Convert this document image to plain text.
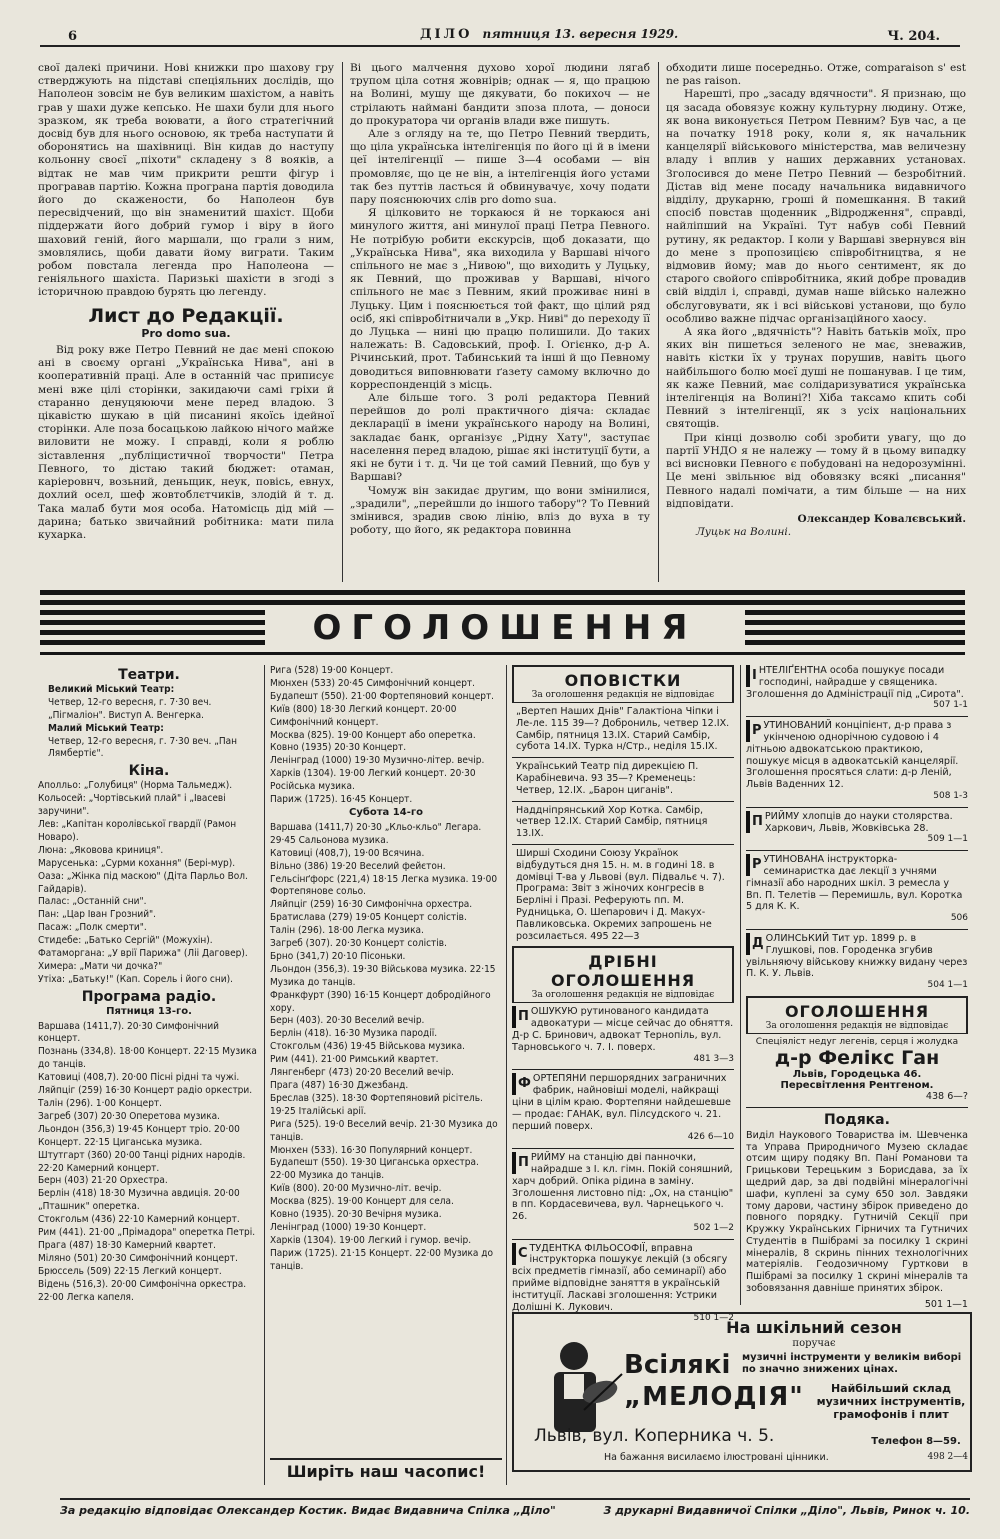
6	ДІЛО пятниця 13. вересня 1929.	Ч. 204.

свої далекі причини. Нові книжки про шахову гру стверджують на підставі спеціяльних дослідів, що Наполеон зовсім не був великим шахістом, а навіть грав у шахи дуже кепсько. Не шахи були для нього зразком, як треба воювати, а його стратегічний досвід був для нього основою, як треба наступати й оборонятись на шахівниці. Він кидав до наступу кольонну своєї „піхоти" складену з 8 вояків, а відтак не мав чим прикрити решти фігур і програвав партію. Кожна програна партія доводила його до скажености, бо Наполеон був пересвідчений, що він знаменитий шахіст. Щоби піддержати його добрий гумор і віру в його шаховий геній, його маршали, що грали з ним, змовлялись, щоби давати йому виграти. Таким робом повстала легенда про Наполеона — геніяльного шахіста. Паризькі шахісти в згоді з історичною правдою бурять цю легенду.

Лист до Редакції.
Pro domo sua.

Від року вже Петро Певний не дає мені спокою ані в своєму органі „Українська Нива", ані в кооперативній праці. Але в останній час приписує мені вже цілі сторінки, закидаючи самі гріхи й старанно денуцяюючи мене перед владою. З цікавістю шукаю в цій писанині якоїсь ідейної сторінки. Але поза босацькою лайкою нічого майже виловити не можу. І справді, коли я роблю зіставлення „публіцистичної творчости" Петра Певного, то дістаю такий бюджет: отаман, каріеровнч, возьний, деньщик, неук, повісь, евнух, дохлий осел, шеф жовтоблєтчиків, злодій й т. д. Така малаб бути моя особа. Натомісць дід мій — дарина; батько звичайний робітника: мати пила кухарка.

Ві цього малчення духово хорої людини лягаб трупом ціла сотня жовнірів; однак — я, що працюю на Волині, мушу ще дякувати, бо покихоч — не стрілають наймані бандити зпоза плота, — доноси до прокуратора чи органів влади вже пишуть.

Але з огляду на те, що Петро Певний твердить, що ціла українська інтелігенція по його ці й в імени цеї інтелігенції — пише 3—4 особами — він промовляє, що це не він, а інтелігенція його устами так без путтів ласться й обвинувачує, хочу подати пару пояснюючих слів pro domo sua.

Я цілковито не торкаюся й не торкаюся ані минулого життя, ані минулої праці Петра Певного. Не потрібую робити екскурсів, щоб доказати, що „Українська Нива", яка виходила у Варшаві нічого спільного не має з „Нивою", що виходить у Луцьку, як Певний, що проживав у Варшаві, нічого спільного не має з Певним, який проживає нині в Луцьку. Цим і пояснюється той факт, що цілий ряд осіб, які співробітничали в „Укр. Ниві" до переходу її до Луцька — нині цю працю полишили. До таких належать: В. Садовський, проф. І. Огієнко, д-р А. Річинський, прот. Табинський та інші й що Певному доводиться виповнювати ґазету самому включно до корреспонденцій з місць.

Але більше того. З ролі редактора Певний перейшов до ролі практичного діяча: складає декларації в імени українського народу на Волині, закладає банк, організує „Рідну Хату", заступає населення перед владою, рішає які інституції бути, а які не бути і т. д. Чи це той самий Певний, що був у Варшаві?

Чомуж він закидає другим, що вони змінилися, „зрадили", „перейшли до іншого табору"? То Певний змінився, зрадив свою лінію, вліз до вуха в ту роботу, що його, як редактора повинна

обходити лише посередньо. Отже, comparaison s' est ne pas raison.

Нарешті, про „засаду вдячности". Я признаю, що ця засада обовязує кожну культурну людину. Отже, як вона виконується Петром Певним? Був час, а це на початку 1918 року, коли я, як начальник канцелярії військового міністерства, мав величезну владу і вплив у наших державних установах. Зголосився до мене Петро Певний — безробітний. Дістав від мене посаду начальника видавничого відділу, друкарню, гроші й помешкання. В такий спосіб повстав щоденник „Відродження", справді, найліпший на Україні. Тут набув собі Певний рутину, як редактор. І коли у Варшаві звернувся він до мене з пропозицією співробітництва, я не відмовив йому; мав до нього сентимент, як до старого свойого співробітника, який добре провадив свій відділ і, справді, думав наше військо належно обслуговувати, як і всі військові установи, що було особливо важне підчас організаційного хаосу.

А яка його „вдячність"? Навіть батьків моїх, про яких він пишеться зеленого не має, зневажив, навіть кістки їх у трунах порушив, навіть цього найбільшого болю моєї душі не пошанував. І це тим, як каже Певний, має солідаризуватися українська інтелігенція на Волині?! Хіба таксамо кпить собі Певний з інтелігенції, як з усіх національних святощів.

При кінці дозволю собі зробити увагу, що до партії УНДО я не належу — тому й в цьому випадку всі висновки Певного є побудовані на недорозумінні. Це мені звільнює від обовязку всякі „писання" Певного надалі помічати, а тим більше — на них відповідати.

Олександер Ковалєвський.
Луцьк на Волині.
ОГОЛОШЕННЯ
Театри.
Великий Міський Театр:
Четвер, 12-го вересня, г. 7·30 веч. „Пігмаліон". Виступ А. Венгерка.
Малий Міський Театр:
Четвер, 12-го вересня, г. 7·30 веч. „Пан Лямбертіє".
Кіна.
Аполльо: „Голубиця" (Норма Тальмедж).
Кольосей: „Чортівський плай" і „Івасеві заручини".
Лев: „Капітан королівської гвардії (Рамон Новаро).
Люна: „Яковова криниця".
Марусенька: „Сурми кохання" (Бері-мур).
Оаза: „Жінка під маскою" (Діта Парльо Вол. Гайдарів).
Палас: „Останній сни".
Пан: „Цар Іван Грозний".
Пасаж: „Полк смерти".
Стидебе: „Батько Сергій" (Можухін).
Фатаморгана: „У врії Парижа" (Ліі Даговер).
Химера: „Мати чи дочка?"
Утіха: „Батьку!" (Кап. Сорель і його сни).
Програма радіо.
Пятниця 13-го.
Варшава (1411,7). 20·30 Симфонічний концерт.
Познань (334,8). 18·00 Концерт. 22·15 Музика до танців.
Катовиці (408,7). 20·00 Пісні рідні та чужі.
Ляйпціг (259) 16·30 Концерт радіо оркестри.
Талін (296). 1·00 Концерт.
Загреб (307) 20·30 Оперетова музика.
Льондон (356,3) 19·45 Концерт тріо. 20·00 Концерт. 22·15 Циганська музика.
Штутгарт (360) 20·00 Танці рідних народів. 22·20 Камерний концерт.
Берн (403) 21·20 Орхестра.
Берлін (418) 18·30 Музична авдиція. 20·00 „Пташник" оперетка.
Стокгольм (436) 22·10 Камерний концерт.
Рим (441). 21·00 „Прімадора" оперетка Петрі.
Прага (487) 18·30 Камерний квартет.
Міляно (501) 20·30 Симфонічний концерт.
Брюссель (509) 22·15 Легкий концерт.
Відень (516,3). 20·00 Симфонічна оркестра. 22·00 Легка капеля.
Рига (528) 19·00 Концерт.
Мюнхен (533) 20·45 Симфонічний концерт.
Будапешт (550). 21·00 Фортепяновий концерт.
Київ (800) 18·30 Легкий концерт. 20·00 Симфонічний концерт.
Москва (825). 19·00 Концерт або оперетка.
Ковно (1935) 20·30 Концерт.
Ленінград (1000) 19·30 Музично-літер. вечір.
Харків (1304). 19·00 Легкий концерт. 20·30 Російська музика.
Париж (1725). 16·45 Концерт.
Субота 14-го
Варшава (1411,7) 20·30 „Кльо-кльо" Легара. 29·45 Сальонова музика.
Катовиці (408,7), 19·00 Всячина.
Вільно (386) 19·20 Веселий фейєтон.
Гельсінґфорс (221,4) 18·15 Легка музика. 19·00 Фортепянове сольо.
Ляйпціг (259) 16·30 Симфонічна орхестра.
Братислава (279) 19·05 Концерт солістів.
Талін (296). 18·00 Легка музика.
Загреб (307). 20·30 Концерт солістів.
Брно (341,7) 20·10 Пісоньки.
Льондон (356,3). 19·30 Військова музика. 22·15 Музика до танців.
Франкфурт (390) 16·15 Концерт добродійного хору.
Берн (403). 20·30 Веселий вечір.
Берлін (418). 16·30 Музика пародії.
Стокгольм (436) 19·45 Військова музика.
Рим (441). 21·00 Римський квартет.
Лянгенберг (473) 20·20 Веселий вечір.
Прага (487) 16·30 Джезбанд.
Бреслав (325). 18·30 Фортепяновий рісітель. 19·25 Італійські арії.
Рига (525). 19·0 Веселий вечір. 21·30 Музика до танців.
Мюнхен (533). 16·30 Популярний концерт.
Будапешт (550). 19·30 Циганська орхестра. 22·00 Музика до танців.
Київ (800). 20·00 Музично-літ. вечір.
Москва (825). 19·00 Концерт для села.
Ковно (1935). 20·30 Вечірня музика.
Ленінград (1000) 19·30 Концерт.
Харків (1304). 19·00 Легкий і гумор. вечір.
Париж (1725). 21·15 Концерт. 22·00 Музика до танців.
Ширіть наш часопис!
ОПОВІСТКИ
За оголошення редакція не відповідає
„Вертеп Наших Днів" Галактіона Чіпки і Ле-ле. 115 39—? Доброниль, четвер 12.IX. Самбір, пятниця 13.IX. Старий Самбір, субота 14.IX. Турка н/Стр., неділя 15.IX.
Український Театр під дирекцією П. Карабіневича. 93 35—? Кременець: Четвер, 12.IX. „Барон циганів".
Наддніпрянський Хор Котка. Самбір, четвер 12.IX. Старий Самбір, пятниця 13.IX.
Ширші Сходини Союзу Українок відбудуться дня 15. н. м. в годині 18. в домівці Т-ва у Львові (вул. Підвальє ч. 7). Програма: Звіт з жіночих конгресів в Берліні і Празі. Реферують пп. М. Рудницька, О. Шепарович і Д. Макух-Павликовська. Окремих запрошень не розсилається. 495 22—3
ДРІБНІ ОГОЛОШЕННЯ
За оголошення редакція не відповідає
П ОШУКУЮ рутинованого кандидата адвокатури — місце сейчас до обняття. Д-р С. Бринович, адвокат Тернопіль, вул. Тарновського ч. 7. І. поверх.
481 3—3
Ф ОРТЕПЯНИ першорядних заграничних фабрик, найновіші моделі, найкращі ціни в цілім краю. Фортепяни найдешевше — продає: ГАНАК, вул. Пілсудского ч. 21. перший поверх.
426 6—10
П РИЙМУ на станцію дві панночки, найрадше з І. кл. гімн. Покій соняшний, харч добрий. Опіка рідина в заміну. Зголошення листовно під: „Ох, на станцію" в пп. Кордасевичева, вул. Чарнецького ч. 26.
502 1—2
С ТУДЕНТКА ФІЛЬОСОФІЇ, вправна інструкторка пошукує лекцій (з обсягу всіх предметів гімназії, або семинарії) або прийме відповідне заняття в українській інституції. Ласкаві зголошення: Устрики Долішні К. Лукович.
510 1—2
І НТЕЛІҐЕНТНА особа пошукує посади господині, найрадше у священика. Зголошення до Адміністрації під „Сирота".
507 1-1
Р УТИНОВАНИЙ конціпієнт, д-р права з укінченою однорічною судовою і 4 літньою адвокатською практикою, пошукує місця в адвокатській канцелярії. Зголошення просяться слати: д-р Леній, Львів Ваденних 12.
508 1-3
П РИЙМУ хлопців до науки столярства. Харкович, Львів, Жовківська 28.
509 1—1
Р УТИНОВАНА інструкторка-семинаристка дає лекції з учнями гімназії або народних шкіл. З ремесла у Вп. П. Телетів — Перемишль, вул. Коротка 5 для К. К.
506
Д ОЛИНСЬКИЙ Тит ур. 1899 р. в Глушкові, пов. Городенка згубив увільняючу військову книжку видану через П. К. У. Львів.
504 1—1
ОГОЛОШЕННЯ
За оголошення редакція не відповідає
Спеціяліст недуг легенів, серця і жолудка
д-р Фелікс Ган
Львів, Городецька 46.
Пересвітлення Рентгеном.
438 6—?
Подяка.
Виділ Наукового Товариства ім. Шевченка та Управа Природничого Музею складає отсим щиру подяку Вп. Пані Романови та Грицькови Терецьким з Борисдава, за їх щедрий дар, за дві подвійні мінералогічні шафи, куплені за суму 650 зол. Завдяки тому дарови, частину збірок приведено до повного порядку. Гутничій Секції при Кружку Українських Гірничих та Гутничих Студентів в Пшібрамі за посилку 1 скрині мінералів, 8 скринь пінних технологічних матеріялів. Геодозичному Гурткови в Пшібрамі за посилку 1 скрині мінералів та зобовязання давніше принятих збірок.
501 1—1
На шкільний сезон
поручає
Всілякі музичні інструменти у великім виборі по значно знижених цінах.
„МЕЛОДІЯ"	Найбільший склад музичних інструментів, грамофонів і плит
Львів, вул. Коперника ч. 5.	Телефон 8—59.
На бажання висилаємо ілюстровані цінники.	498 2—4
За редакцію відповідає Олександер Костик. Видає Видавнича Спілка „Діло"	З друкарні Видавничої Спілки „Діло", Львів, Ринок ч. 10.
